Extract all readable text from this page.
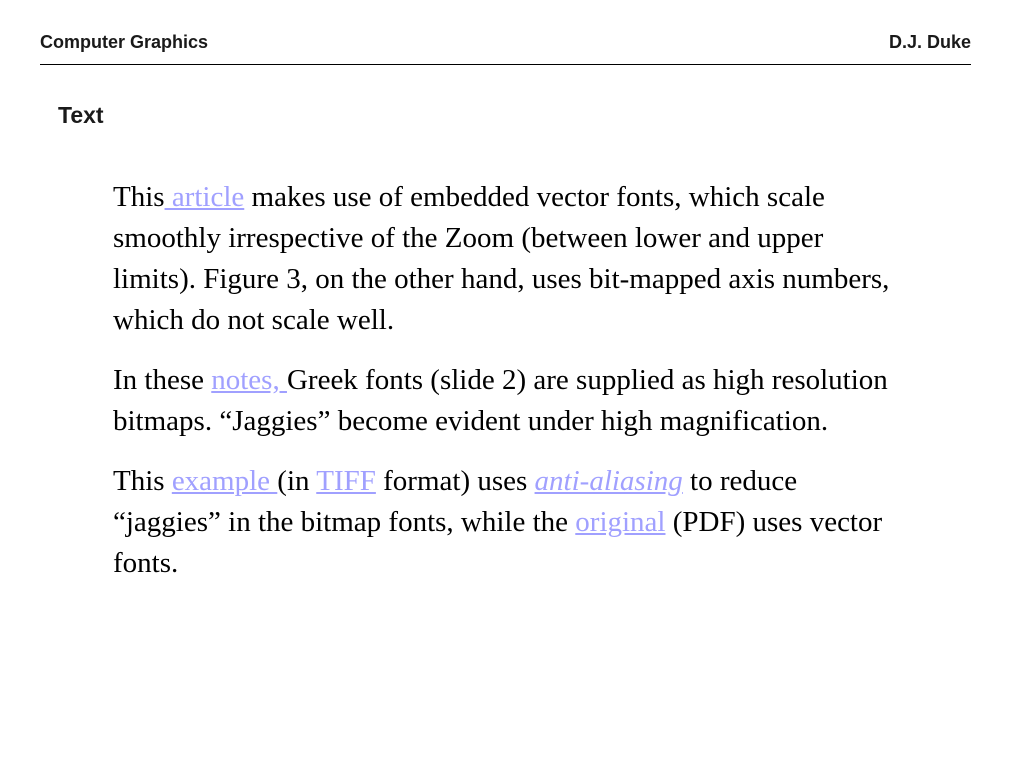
Computer Graphics	D.J. Duke
Text

This article makes use of embedded vector fonts, which scale smoothly irrespective of the Zoom (between lower and upper limits). Figure 3, on the other hand, uses bit-mapped axis numbers, which do not scale well.

In these notes, Greek fonts (slide 2) are supplied as high resolution bitmaps. “Jaggies” become evident under high magnification.

This example (in TIFF format) uses anti-aliasing to reduce “jaggies” in the bitmap fonts, while the original (PDF) uses vector fonts.
